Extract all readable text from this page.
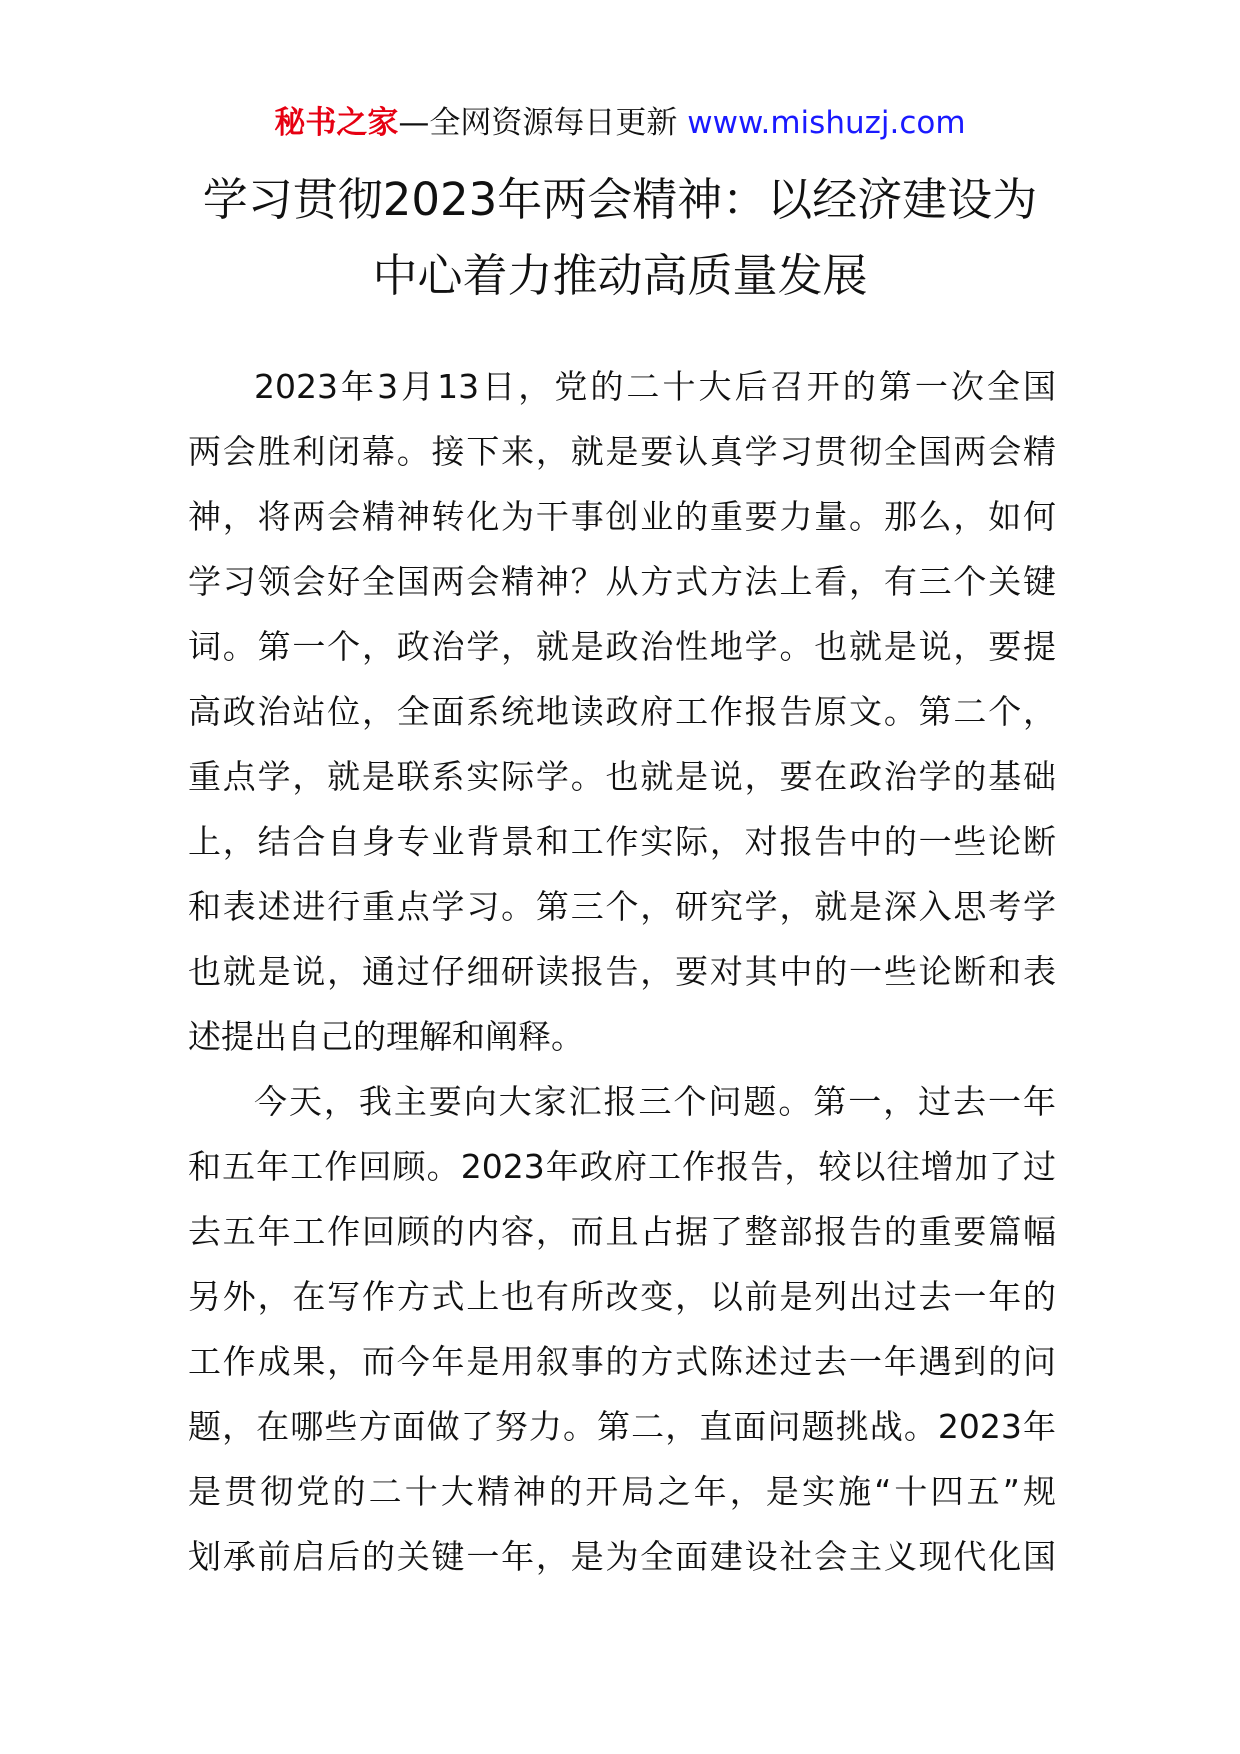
秘书之家—全网资源每日更新 www.mishuzj.com
学习贯彻2023年两会精神：以经济建设为
中心着力推动高质量发展
2023年3月13日，党的二十大后召开的第一次全国
两会胜利闭幕。接下来，就是要认真学习贯彻全国两会精
神，将两会精神转化为干事创业的重要力量。那么，如何
学习领会好全国两会精神？从方式方法上看，有三个关键
词。第一个，政治学，就是政治性地学。也就是说，要提
高政治站位，全面系统地读政府工作报告原文。第二个，
重点学，就是联系实际学。也就是说，要在政治学的基础
上，结合自身专业背景和工作实际，对报告中的一些论断
和表述进行重点学习。第三个，研究学，就是深入思考学
也就是说，通过仔细研读报告，要对其中的一些论断和表
述提出自己的理解和阐释。
今天，我主要向大家汇报三个问题。第一，过去一年
和五年工作回顾。2023年政府工作报告，较以往增加了过
去五年工作回顾的内容，而且占据了整部报告的重要篇幅
另外，在写作方式上也有所改变，以前是列出过去一年的
工作成果，而今年是用叙事的方式陈述过去一年遇到的问
题，在哪些方面做了努力。第二，直面问题挑战。2023年
是贯彻党的二十大精神的开局之年，是实施“十四五”规
划承前启后的关键一年，是为全面建设社会主义现代化国
